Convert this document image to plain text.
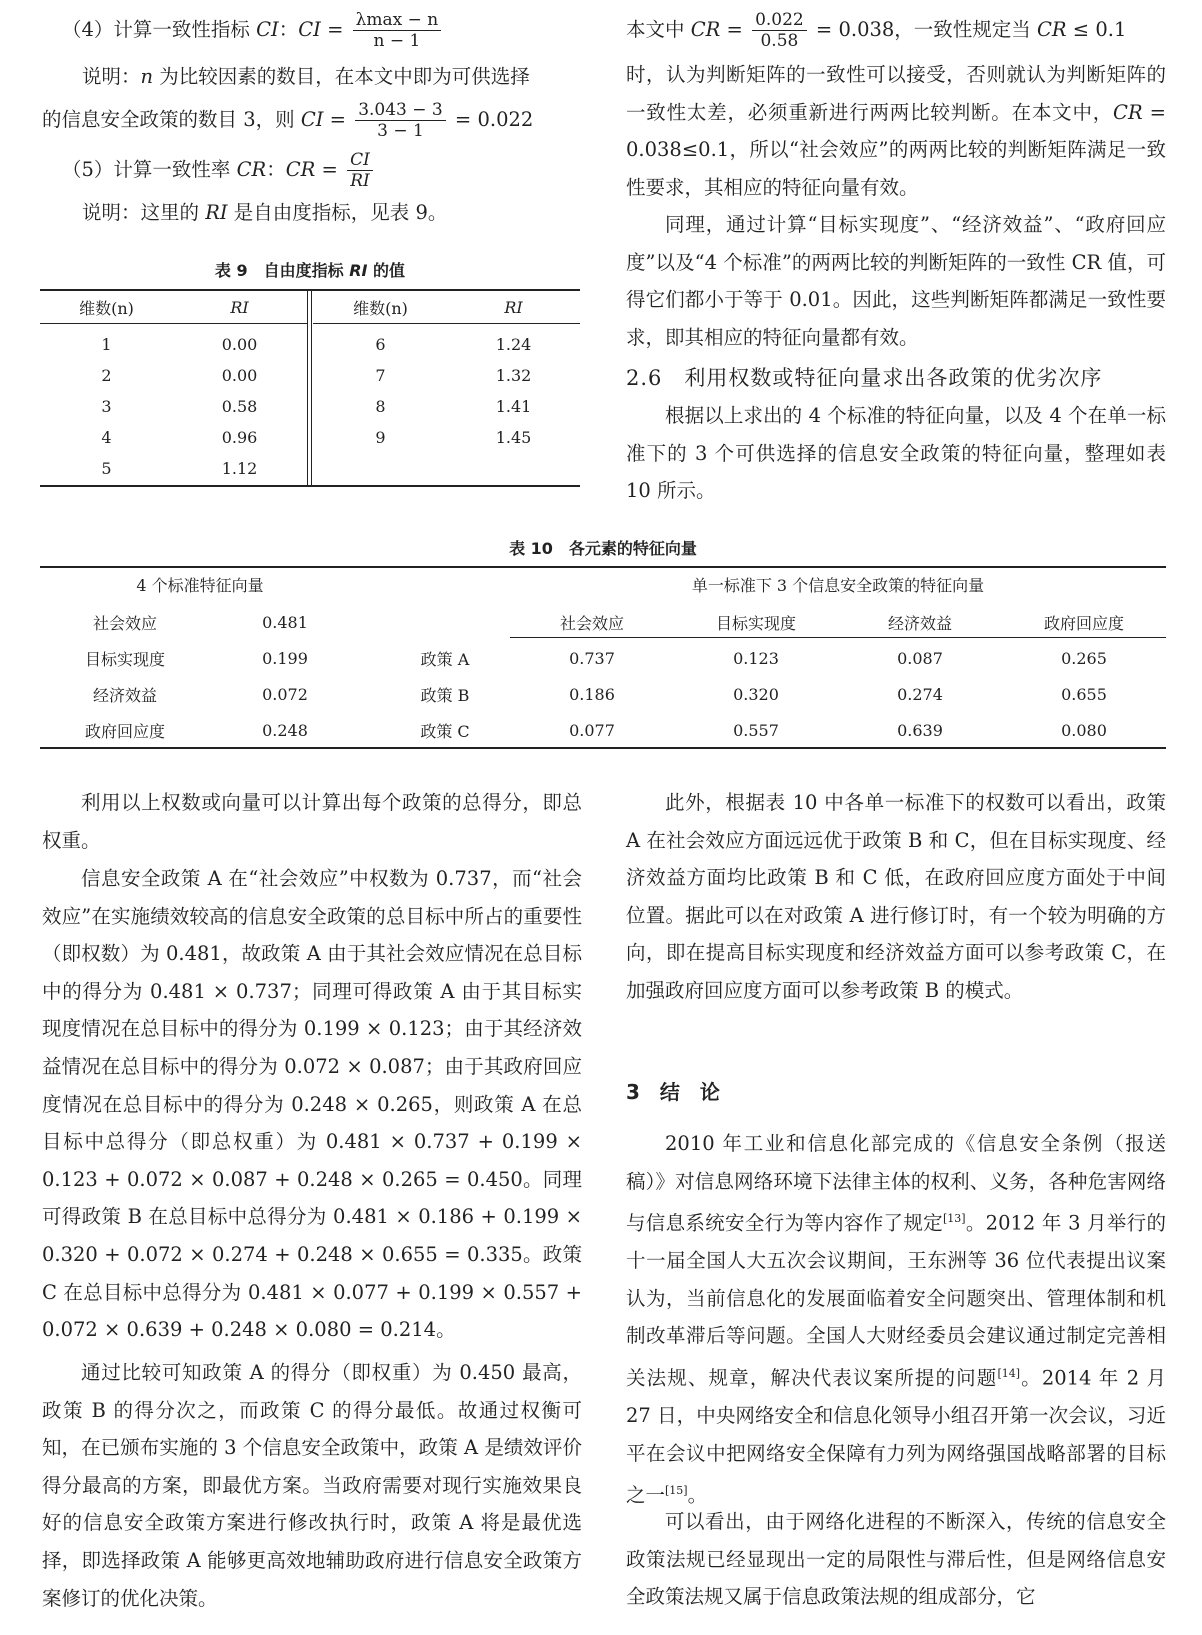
（4）计算一致性指标 CI：CI = $\frac{\lambda\max - n}{n - 1}$
说明：n 为比较因素的数目，在本文中即为可供选择
的信息安全政策的数目 3，则 CI = $\frac{3.043 - 3}{3 - 1} = 0.022$
（5）计算一致性率 CR：CR = $\frac{CI}{RI}$
说明：这里的 RI 是自由度指标，见表 9。
表 9　自由度指标 RI 的值
维数(n)	RI

1	0.00
2	0.00
3	0.58
4	0.96
5	1.12
维数(n)	RI

6	1.24
7	1.32
8	1.41
9	1.45

本文中 CR = $\frac{0.022}{0.58} = 0.038$，一致性规定当 CR ≤ 0.1
时，认为判断矩阵的一致性可以接受，否则就认为判断矩阵的一致性太差，必须重新进行两两比较判断。在本文中，CR = 0.038≤0.1，所以“社会效应”的两两比较的判断矩阵满足一致性要求，其相应的特征向量有效。
同理，通过计算“目标实现度”、“经济效益”、“政府回应度”以及“4 个标准”的两两比较的判断矩阵的一致性 CR 值，可得它们都小于等于 0.01。因此，这些判断矩阵都满足一致性要求，即其相应的特征向量都有效。
2.6　利用权数或特征向量求出各政策的优劣次序
根据以上求出的 4 个标准的特征向量，以及 4 个在单一标准下的 3 个可供选择的信息安全政策的特征向量，整理如表 10 所示。
表 10　各元素的特征向量
4 个标准特征向量	单一标准下 3 个信息安全政策的特征向量
社会效应	0.481
目标实现度	0.199
经济效益	0.072
政府回应度	0.248
	社会效应	目标实现度	经济效益	政府回应度
政策 A	0.737	0.123	0.087	0.265
政策 B	0.186	0.320	0.274	0.655
政策 C	0.077	0.557	0.639	0.080
利用以上权数或向量可以计算出每个政策的总得分，即总权重。
信息安全政策 A 在“社会效应”中权数为 0.737，而“社会效应”在实施绩效较高的信息安全政策的总目标中所占的重要性（即权数）为 0.481，故政策 A 由于其社会效应情况在总目标中的得分为 0.481 × 0.737；同理可得政策 A 由于其目标实现度情况在总目标中的得分为 0.199 × 0.123；由于其经济效益情况在总目标中的得分为 0.072 × 0.087；由于其政府回应度情况在总目标中的得分为 0.248 × 0.265，则政策 A 在总目标中总得分（即总权重）为 0.481 × 0.737 + 0.199 × 0.123 + 0.072 × 0.087 + 0.248 × 0.265 = 0.450。同理可得政策 B 在总目标中总得分为 0.481 × 0.186 + 0.199 × 0.320 + 0.072 × 0.274 + 0.248 × 0.655 = 0.335。政策 C 在总目标中总得分为 0.481 × 0.077 + 0.199 × 0.557 + 0.072 × 0.639 + 0.248 × 0.080 = 0.214。
通过比较可知政策 A 的得分（即权重）为 0.450 最高，政策 B 的得分次之，而政策 C 的得分最低。故通过权衡可知，在已颁布实施的 3 个信息安全政策中，政策 A 是绩效评价得分最高的方案，即最优方案。当政府需要对现行实施效果良好的信息安全政策方案进行修改执行时，政策 A 将是最优选择，即选择政策 A 能够更高效地辅助政府进行信息安全政策方案修订的优化决策。
此外，根据表 10 中各单一标准下的权数可以看出，政策 A 在社会效应方面远远优于政策 B 和 C，但在目标实现度、经济效益方面均比政策 B 和 C 低，在政府回应度方面处于中间位置。据此可以在对政策 A 进行修订时，有一个较为明确的方向，即在提高目标实现度和经济效益方面可以参考政策 C，在加强政府回应度方面可以参考政策 B 的模式。
3　结　论
2010 年工业和信息化部完成的《信息安全条例（报送稿）》对信息网络环境下法律主体的权利、义务，各种危害网络与信息系统安全行为等内容作了规定[13]。2012 年 3 月举行的十一届全国人大五次会议期间，王东洲等 36 位代表提出议案认为，当前信息化的发展面临着安全问题突出、管理体制和机制改革滞后等问题。全国人大财经委员会建议通过制定完善相关法规、规章，解决代表议案所提的问题[14]。2014 年 2 月 27 日，中央网络安全和信息化领导小组召开第一次会议，习近平在会议中把网络安全保障有力列为网络强国战略部署的目标之一[15]。
可以看出，由于网络化进程的不断深入，传统的信息安全政策法规已经显现出一定的局限性与滞后性，但是网络信息安全政策法规又属于信息政策法规的组成部分，它
